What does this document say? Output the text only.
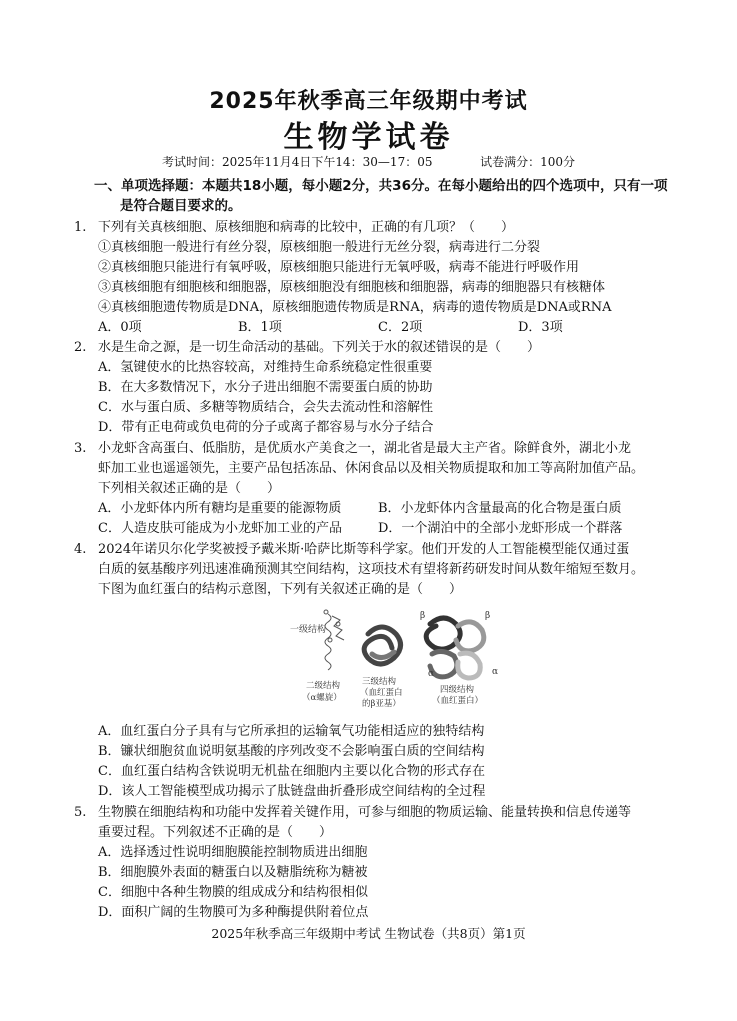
2025年秋季高三年级期中考试
生物学试卷
考试时间：2025年11月4日下午14：30—17：05	试卷满分：100分
一、单项选择题：本题共18小题，每小题2分，共36分。在每小题给出的四个选项中，只有一项
是符合题目要求的。
1. 下列有关真核细胞、原核细胞和病毒的比较中，正确的有几项？（　　）
①真核细胞一般进行有丝分裂，原核细胞一般进行无丝分裂，病毒进行二分裂
②真核细胞只能进行有氧呼吸，原核细胞只能进行无氧呼吸，病毒不能进行呼吸作用
③真核细胞有细胞核和细胞器，原核细胞没有细胞核和细胞器，病毒的细胞器只有核糖体
④真核细胞遗传物质是DNA，原核细胞遗传物质是RNA，病毒的遗传物质是DNA或RNA
A．0项	B．1项	C．2项	D．3项
2. 水是生命之源，是一切生命活动的基础。下列关于水的叙述错误的是（　　）
A．氢键使水的比热容较高，对维持生命系统稳定性很重要
B．在大多数情况下，水分子进出细胞不需要蛋白质的协助
C．水与蛋白质、多糖等物质结合，会失去流动性和溶解性
D．带有正电荷或负电荷的分子或离子都容易与水分子结合
3. 小龙虾含高蛋白、低脂肪，是优质水产美食之一，湖北省是最大主产省。除鲜食外，湖北小龙
虾加工业也遥遥领先，主要产品包括冻品、休闲食品以及相关物质提取和加工等高附加值产品。
下列相关叙述正确的是（　　）
A．小龙虾体内所有糖均是重要的能源物质	B．小龙虾体内含量最高的化合物是蛋白质
C．人造皮肤可能成为小龙虾加工业的产品	D．一个湖泊中的全部小龙虾形成一个群落
4. 2024年诺贝尔化学奖被授予戴米斯·哈萨比斯等科学家。他们开发的人工智能模型能仅通过蛋
白质的氨基酸序列迅速准确预测其空间结构，这项技术有望将新药研发时间从数年缩短至数月。
下图为血红蛋白的结构示意图，下列有关叙述正确的是（　　）
一级结构
β
β
α
α
二级结构
（α螺旋）
三级结构
（血红蛋白
的β亚基）
四级结构
（血红蛋白）
A．血红蛋白分子具有与它所承担的运输氧气功能相适应的独特结构
B．镰状细胞贫血说明氨基酸的序列改变不会影响蛋白质的空间结构
C．血红蛋白结构含铁说明无机盐在细胞内主要以化合物的形式存在
D．该人工智能模型成功揭示了肽链盘曲折叠形成空间结构的全过程
5. 生物膜在细胞结构和功能中发挥着关键作用，可参与细胞的物质运输、能量转换和信息传递等
重要过程。下列叙述不正确的是（　　）
A．选择透过性说明细胞膜能控制物质进出细胞
B．细胞膜外表面的糖蛋白以及糖脂统称为糖被
C．细胞中各种生物膜的组成成分和结构很相似
D．面积广阔的生物膜可为多种酶提供附着位点
2025年秋季高三年级期中考试 生物试卷（共8页）第1页
